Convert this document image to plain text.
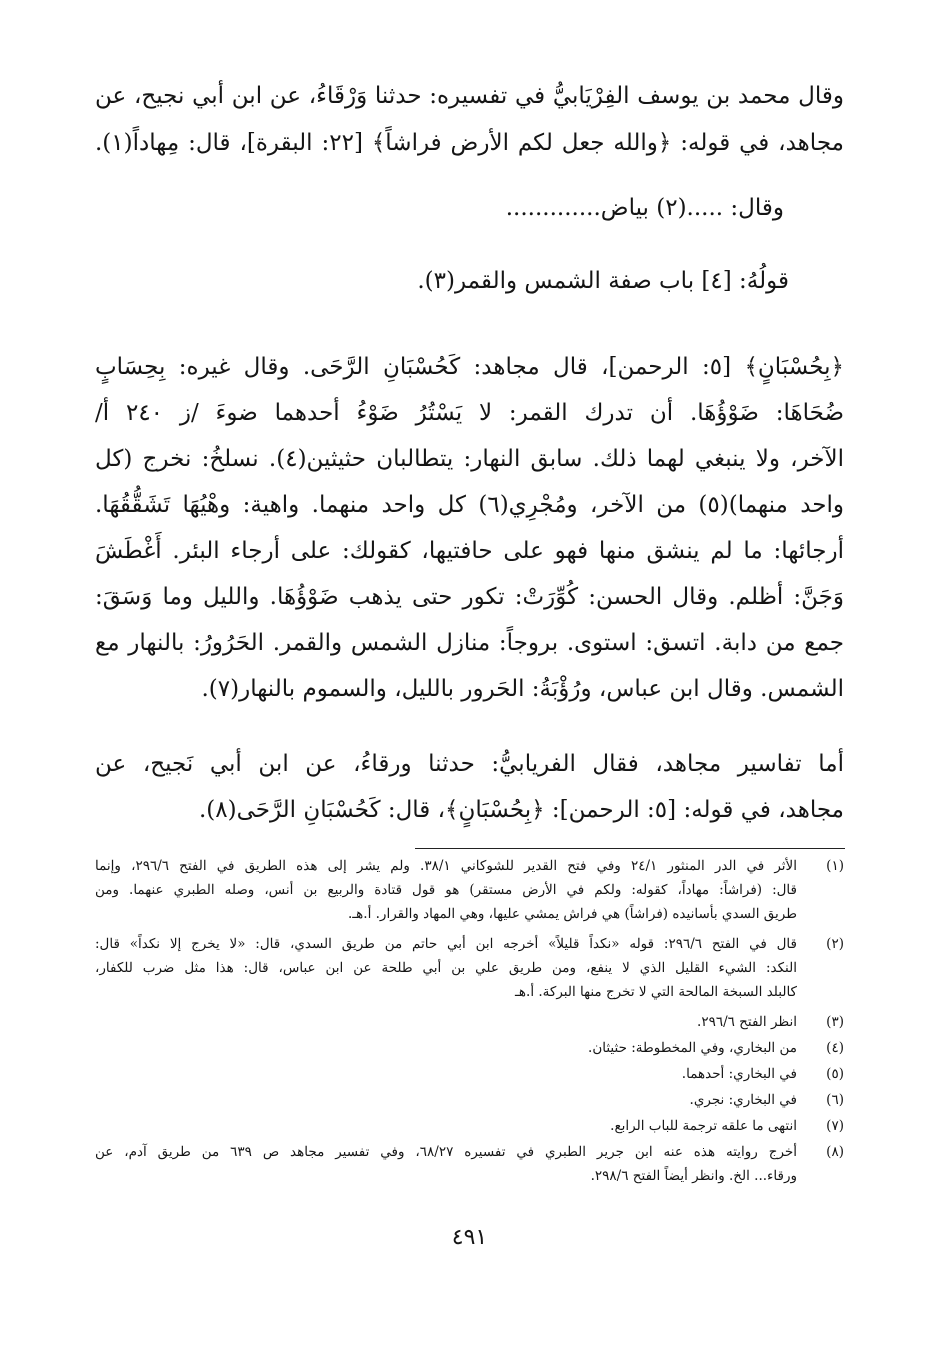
وقال محمد بن يوسف الفِرْيَابيُّ في تفسيره: حدثنا وَرْقَاءُ، عن ابن أبي نجيح، عن
مجاهد، في قوله: ﴿والله جعل لكم الأرض فراشاً﴾ [٢٢: البقرة]، قال: مِهاداً(١).
وقال: .....(٢) بياض.............
قولُهُ: [٤] باب صفة الشمس والقمر(٣).
﴿بِحُسْبَانٍ﴾ [٥: الرحمن]، قال مجاهد: كَحُسْبَانِ الرَّحَى. وقال غيره: بِحِسَابٍ
ضُحَاهَا: ضَوْؤُهَا. أن تدرك القمر: لا يَسْتُرُ ضَوْءُ أحدهما ضوءَ /ز ٢٤٠ أ/
الآخر، ولا ينبغي لهما ذلك. سابق النهار: يتطالبان حثيثين(٤). نسلخُ: نخرج (كل
واحد منهما)(٥) من الآخر، ومُجْرِي(٦) كل واحد منهما. واهية: وهْيُهَا تَشَقُّقُهَا.
أرجائها: ما لم ينشق منها فهو على حافتيها، كقولك: على أرجاء البئر. أَغْطَشَ
وَجَنَّ: أظلم. وقال الحسن: كُوِّرَتْ: تكور حتى يذهب ضَوْؤُهَا. والليل وما وَسَقَ:
جمع من دابة. اتسق: استوى. بروجاً: منازل الشمس والقمر. الحَرُورُ: بالنهار مع
الشمس. وقال ابن عباس، ورُؤْبَةُ: الحَرور بالليل، والسموم بالنهار(٧).
أما تفاسير مجاهد، فقال الفريابيُّ: حدثنا ورقاءُ، عن ابن أبي نَجيح، عن
مجاهد، في قوله: [٥: الرحمن]: ﴿بِحُسْبَانٍ﴾، قال: كَحُسْبَانِ الرَّحَى(٨).
(١)
الأثر في الدر المنثور ٢٤/١ وفي فتح القدير للشوكاني ٣٨/١. ولم يشر إلى هذه الطريق في الفتح ٢٩٦/٦، وإنما
قال: (فراشاً: مهاداً، كقوله: ولكم في الأرض مستقر) هو قول قتادة والربيع بن أنس، وصله الطبري عنهما. ومن
طريق السدي بأسانيده (فراشاً) هي فراش يمشي عليها، وهي المهاد والقرار. أ.هـ.
(٢)
قال في الفتح ٢٩٦/٦: قوله «نكداً قليلاً» أخرجه ابن أبي حاتم من طريق السدي، قال: «لا يخرج إلا نكداً» قال:
النكد: الشيء القليل الذي لا ينفع، ومن طريق علي بن أبي طلحة عن ابن عباس، قال: هذا مثل ضرب للكفار،
كالبلد السبخة المالحة التي لا تخرج منها البركة. أ.هـ
(٣)
انظر الفتح ٢٩٦/٦.
(٤)
من البخاري، وفي المخطوطة: حثيثان.
(٥)
في البخاري: أحدهما.
(٦)
في البخاري: نجري.
(٧)
انتهى ما علقه ترجمة للباب الرابع.
(٨)
أخرج روايته هذه عنه ابن جرير الطبري في تفسيره ٦٨/٢٧، وفي تفسير مجاهد ص ٦٣٩ من طريق آدم، عن
ورقاء... الخ. وانظر أيضاً الفتح ٢٩٨/٦.
٤٩١
